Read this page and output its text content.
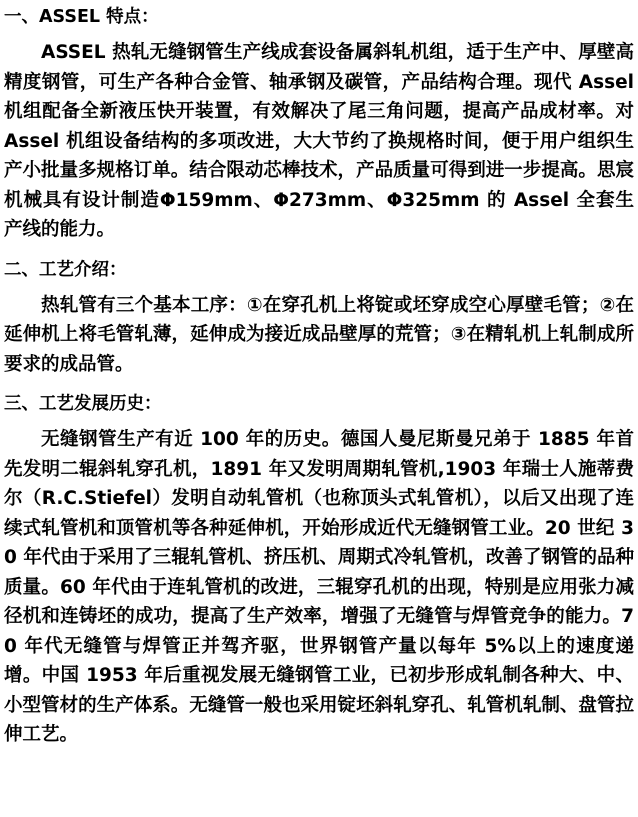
一、ASSEL 特点：

ASSEL 热轧无缝钢管生产线成套设备属斜轧机组，适于生产中、厚壁高精度钢管，可生产各种合金管、轴承钢及碳管，产品结构合理。现代 Assel 机组配备全新液压快开装置，有效解决了尾三角问题，提高产品成材率。对 Assel 机组设备结构的多项改进，大大节约了换规格时间，便于用户组织生产小批量多规格订单。结合限动芯棒技术，产品质量可得到进一步提高。思宸机械具有设计制造Φ159mm、Φ273mm、Φ325mm 的 Assel 全套生产线的能力。

二、工艺介绍：

热轧管有三个基本工序：①在穿孔机上将锭或坯穿成空心厚壁毛管；②在延伸机上将毛管轧薄，延伸成为接近成品壁厚的荒管；③在精轧机上轧制成所要求的成品管。

三、工艺发展历史：

无缝钢管生产有近 100 年的历史。德国人曼尼斯曼兄弟于 1885 年首先发明二辊斜轧穿孔机，1891 年又发明周期轧管机,1903 年瑞士人施蒂费尔（R.C.Stiefel）发明自动轧管机（也称顶头式轧管机），以后又出现了连续式轧管机和顶管机等各种延伸机，开始形成近代无缝钢管工业。20 世纪 30 年代由于采用了三辊轧管机、挤压机、周期式冷轧管机，改善了钢管的品种质量。60 年代由于连轧管机的改进，三辊穿孔机的出现，特别是应用张力减径机和连铸坯的成功，提高了生产效率，增强了无缝管与焊管竞争的能力。70 年代无缝管与焊管正并驾齐驱，世界钢管产量以每年 5%以上的速度递增。中国 1953 年后重视发展无缝钢管工业，已初步形成轧制各种大、中、小型管材的生产体系。无缝管一般也采用锭坯斜轧穿孔、轧管机轧制、盘管拉伸工艺。
